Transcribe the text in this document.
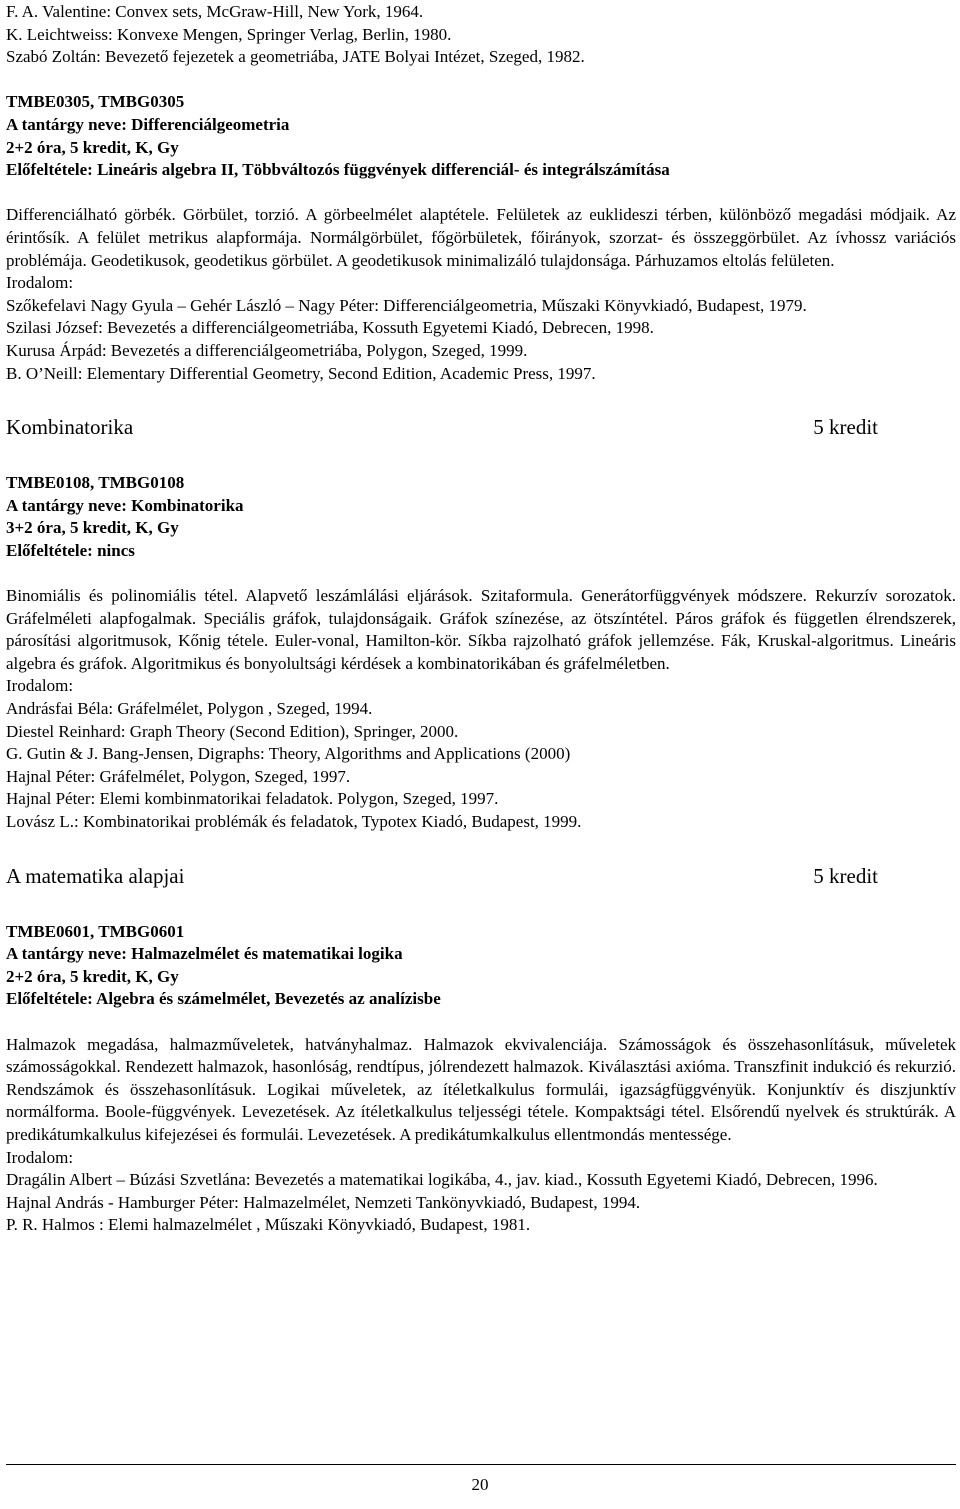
F. A. Valentine: Convex sets, McGraw-Hill, New York, 1964.
K. Leichtweiss: Konvexe Mengen, Springer Verlag, Berlin, 1980.
Szabó Zoltán: Bevezető fejezetek a geometriába, JATE Bolyai Intézet, Szeged, 1982.
TMBE0305, TMBG0305
A tantárgy neve: Differenciálgeometria
2+2 óra, 5 kredit, K, Gy
Előfeltétele: Lineáris algebra II, Többváltozós függvények differenciál- és integrálszámítása
Differenciálható görbék. Görbület, torzió. A görbeelmélet alaptétele. Felületek az euklideszi térben, különböző megadási módjaik. Az érintősík. A felület metrikus alapformája. Normálgörbület, főgörbületek, főirányok, szorzat- és összeggörbület. Az ívhossz variációs problémája. Geodetikusok, geodetikus görbület. A geodetikusok minimalizáló tulajdonsága. Párhuzamos eltolás felületen.
Irodalom:
Szőkefelavi Nagy Gyula – Gehér László – Nagy Péter: Differenciálgeometria, Műszaki Könyvkiadó, Budapest, 1979.
Szilasi József: Bevezetés a differenciálgeometriába, Kossuth Egyetemi Kiadó, Debrecen, 1998.
Kurusa Árpád: Bevezetés a differenciálgeometriába, Polygon, Szeged, 1999.
B. O’Neill: Elementary Differential Geometry, Second Edition, Academic Press, 1997.
Kombinatorika	5 kredit
TMBE0108, TMBG0108
A tantárgy neve: Kombinatorika
3+2 óra, 5 kredit, K, Gy
Előfeltétele: nincs
Binomiális és polinomiális tétel. Alapvető leszámlálási eljárások. Szitaformula. Generátorfüggvények módszere. Rekurzív sorozatok. Gráfelméleti alapfogalmak. Speciális gráfok, tulajdonságaik. Gráfok színezése, az ötszíntétel. Páros gráfok és független élrendszerek, párosítási algoritmusok, Kőnig tétele. Euler-vonal, Hamilton-kör. Síkba rajzolható gráfok jellemzése. Fák, Kruskal-algoritmus. Lineáris algebra és gráfok. Algoritmikus és bonyolultsági kérdések a kombinatorikában és gráfelméletben.
Irodalom:
Andrásfai Béla: Gráfelmélet, Polygon , Szeged, 1994.
Diestel Reinhard: Graph Theory (Second Edition), Springer, 2000.
G. Gutin & J. Bang-Jensen, Digraphs: Theory, Algorithms and Applications (2000)
Hajnal Péter: Gráfelmélet, Polygon, Szeged, 1997.
Hajnal Péter: Elemi kombinmatorikai feladatok. Polygon, Szeged, 1997.
Lovász L.: Kombinatorikai problémák és feladatok, Typotex Kiadó, Budapest, 1999.
A matematika alapjai	5 kredit
TMBE0601, TMBG0601
A tantárgy neve: Halmazelmélet és matematikai logika
2+2 óra, 5 kredit, K, Gy
Előfeltétele: Algebra és számelmélet, Bevezetés az analízisbe
Halmazok megadása, halmazműveletek, hatványhalmaz. Halmazok ekvivalenciája. Számosságok és összehasonlításuk, műveletek számosságokkal. Rendezett halmazok, hasonlóság, rendtípus, jólrendezett halmazok. Kiválasztási axióma. Transzfinit indukció és rekurzió. Rendszámok és összehasonlításuk. Logikai műveletek, az ítéletkalkulus formulái, igazságfüggvényük. Konjunktív és diszjunktív normálforma. Boole-függvények. Levezetések. Az ítéletkalkulus teljességi tétele. Kompaktsági tétel. Elsőrendű nyelvek és struktúrák. A predikátumkalkulus kifejezései és formulái. Levezetések. A predikátumkalkulus ellentmondás mentessége.
Irodalom:
Dragálin Albert – Búzási Szvetlána: Bevezetés a matematikai logikába, 4., jav. kiad., Kossuth Egyetemi Kiadó, Debrecen, 1996.
Hajnal András - Hamburger Péter: Halmazelmélet, Nemzeti Tankönyvkiadó, Budapest, 1994.
P. R. Halmos : Elemi halmazelmélet , Műszaki Könyvkiadó, Budapest, 1981.
20
